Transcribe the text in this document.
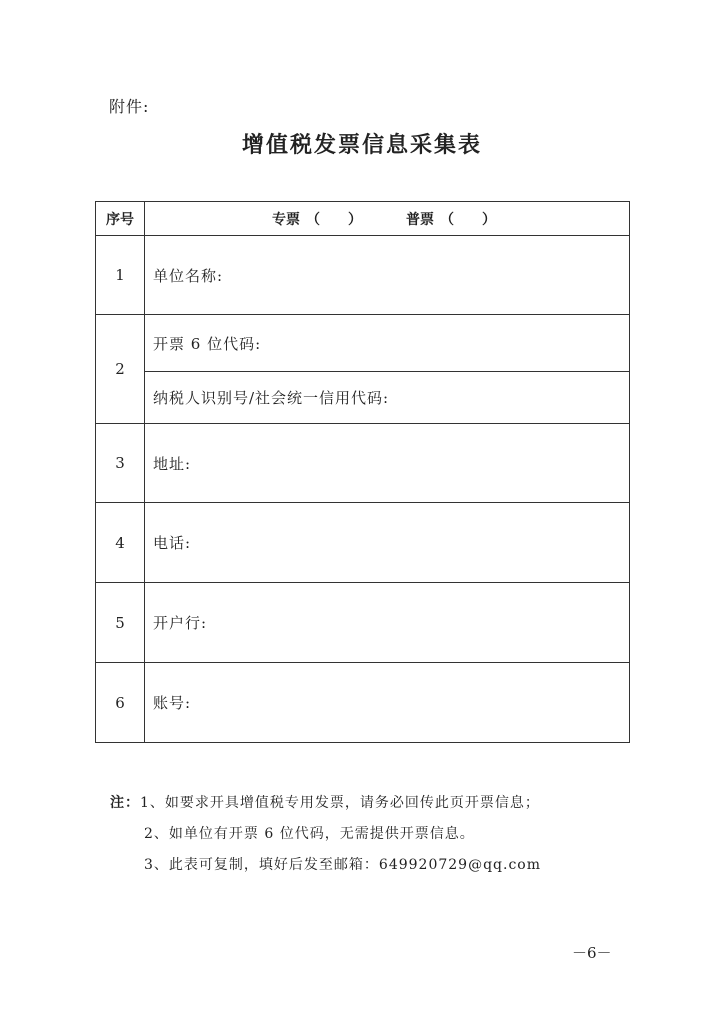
附件:
增值税发票信息采集表
序号	专票 （　　） 普票 （　　）
1	单位名称:
2	开票 6 位代码:
	纳税人识别号/社会统一信用代码:
3	地址:
4	电话:
5	开户行:
6	账号:
注：1、如要求开具增值税专用发票，请务必回传此页开票信息；
2、如单位有开票 6 位代码，无需提供开票信息。
3、此表可复制，填好后发至邮箱：649920729@qq.com
－6－
